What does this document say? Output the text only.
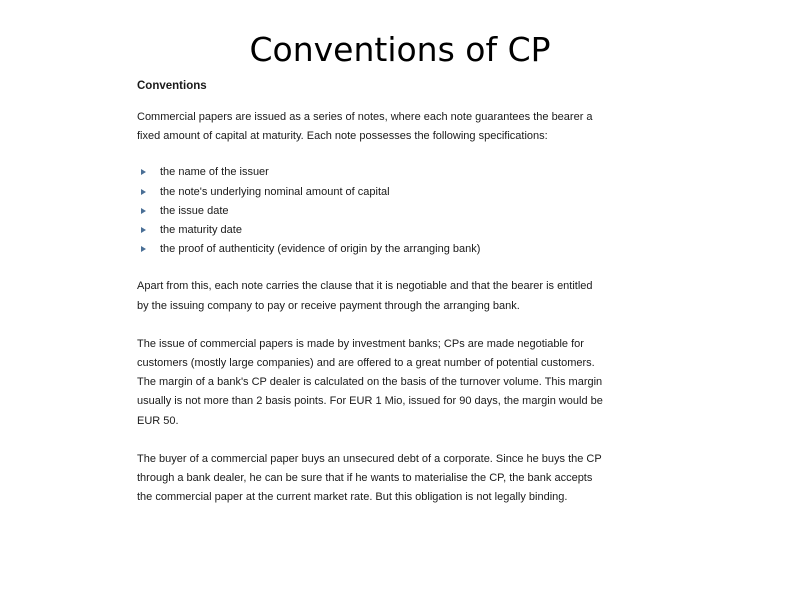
Conventions of CP
Conventions

Commercial papers are issued as a series of notes, where each note guarantees the bearer a fixed amount of capital at maturity. Each note possesses the following specifications:

the name of the issuer
the note's underlying nominal amount of capital
the issue date
the maturity date
the proof of authenticity (evidence of origin by the arranging bank)

Apart from this, each note carries the clause that it is negotiable and that the bearer is entitled by the issuing company to pay or receive payment through the arranging bank.

The issue of commercial papers is made by investment banks; CPs are made negotiable for customers (mostly large companies) and are offered to a great number of potential customers. The margin of a bank's CP dealer is calculated on the basis of the turnover volume. This margin usually is not more than 2 basis points. For EUR 1 Mio, issued for 90 days, the margin would be EUR 50.

The buyer of a commercial paper buys an unsecured debt of a corporate. Since he buys the CP through a bank dealer, he can be sure that if he wants to materialise the CP, the bank accepts the commercial paper at the current market rate. But this obligation is not legally binding.
